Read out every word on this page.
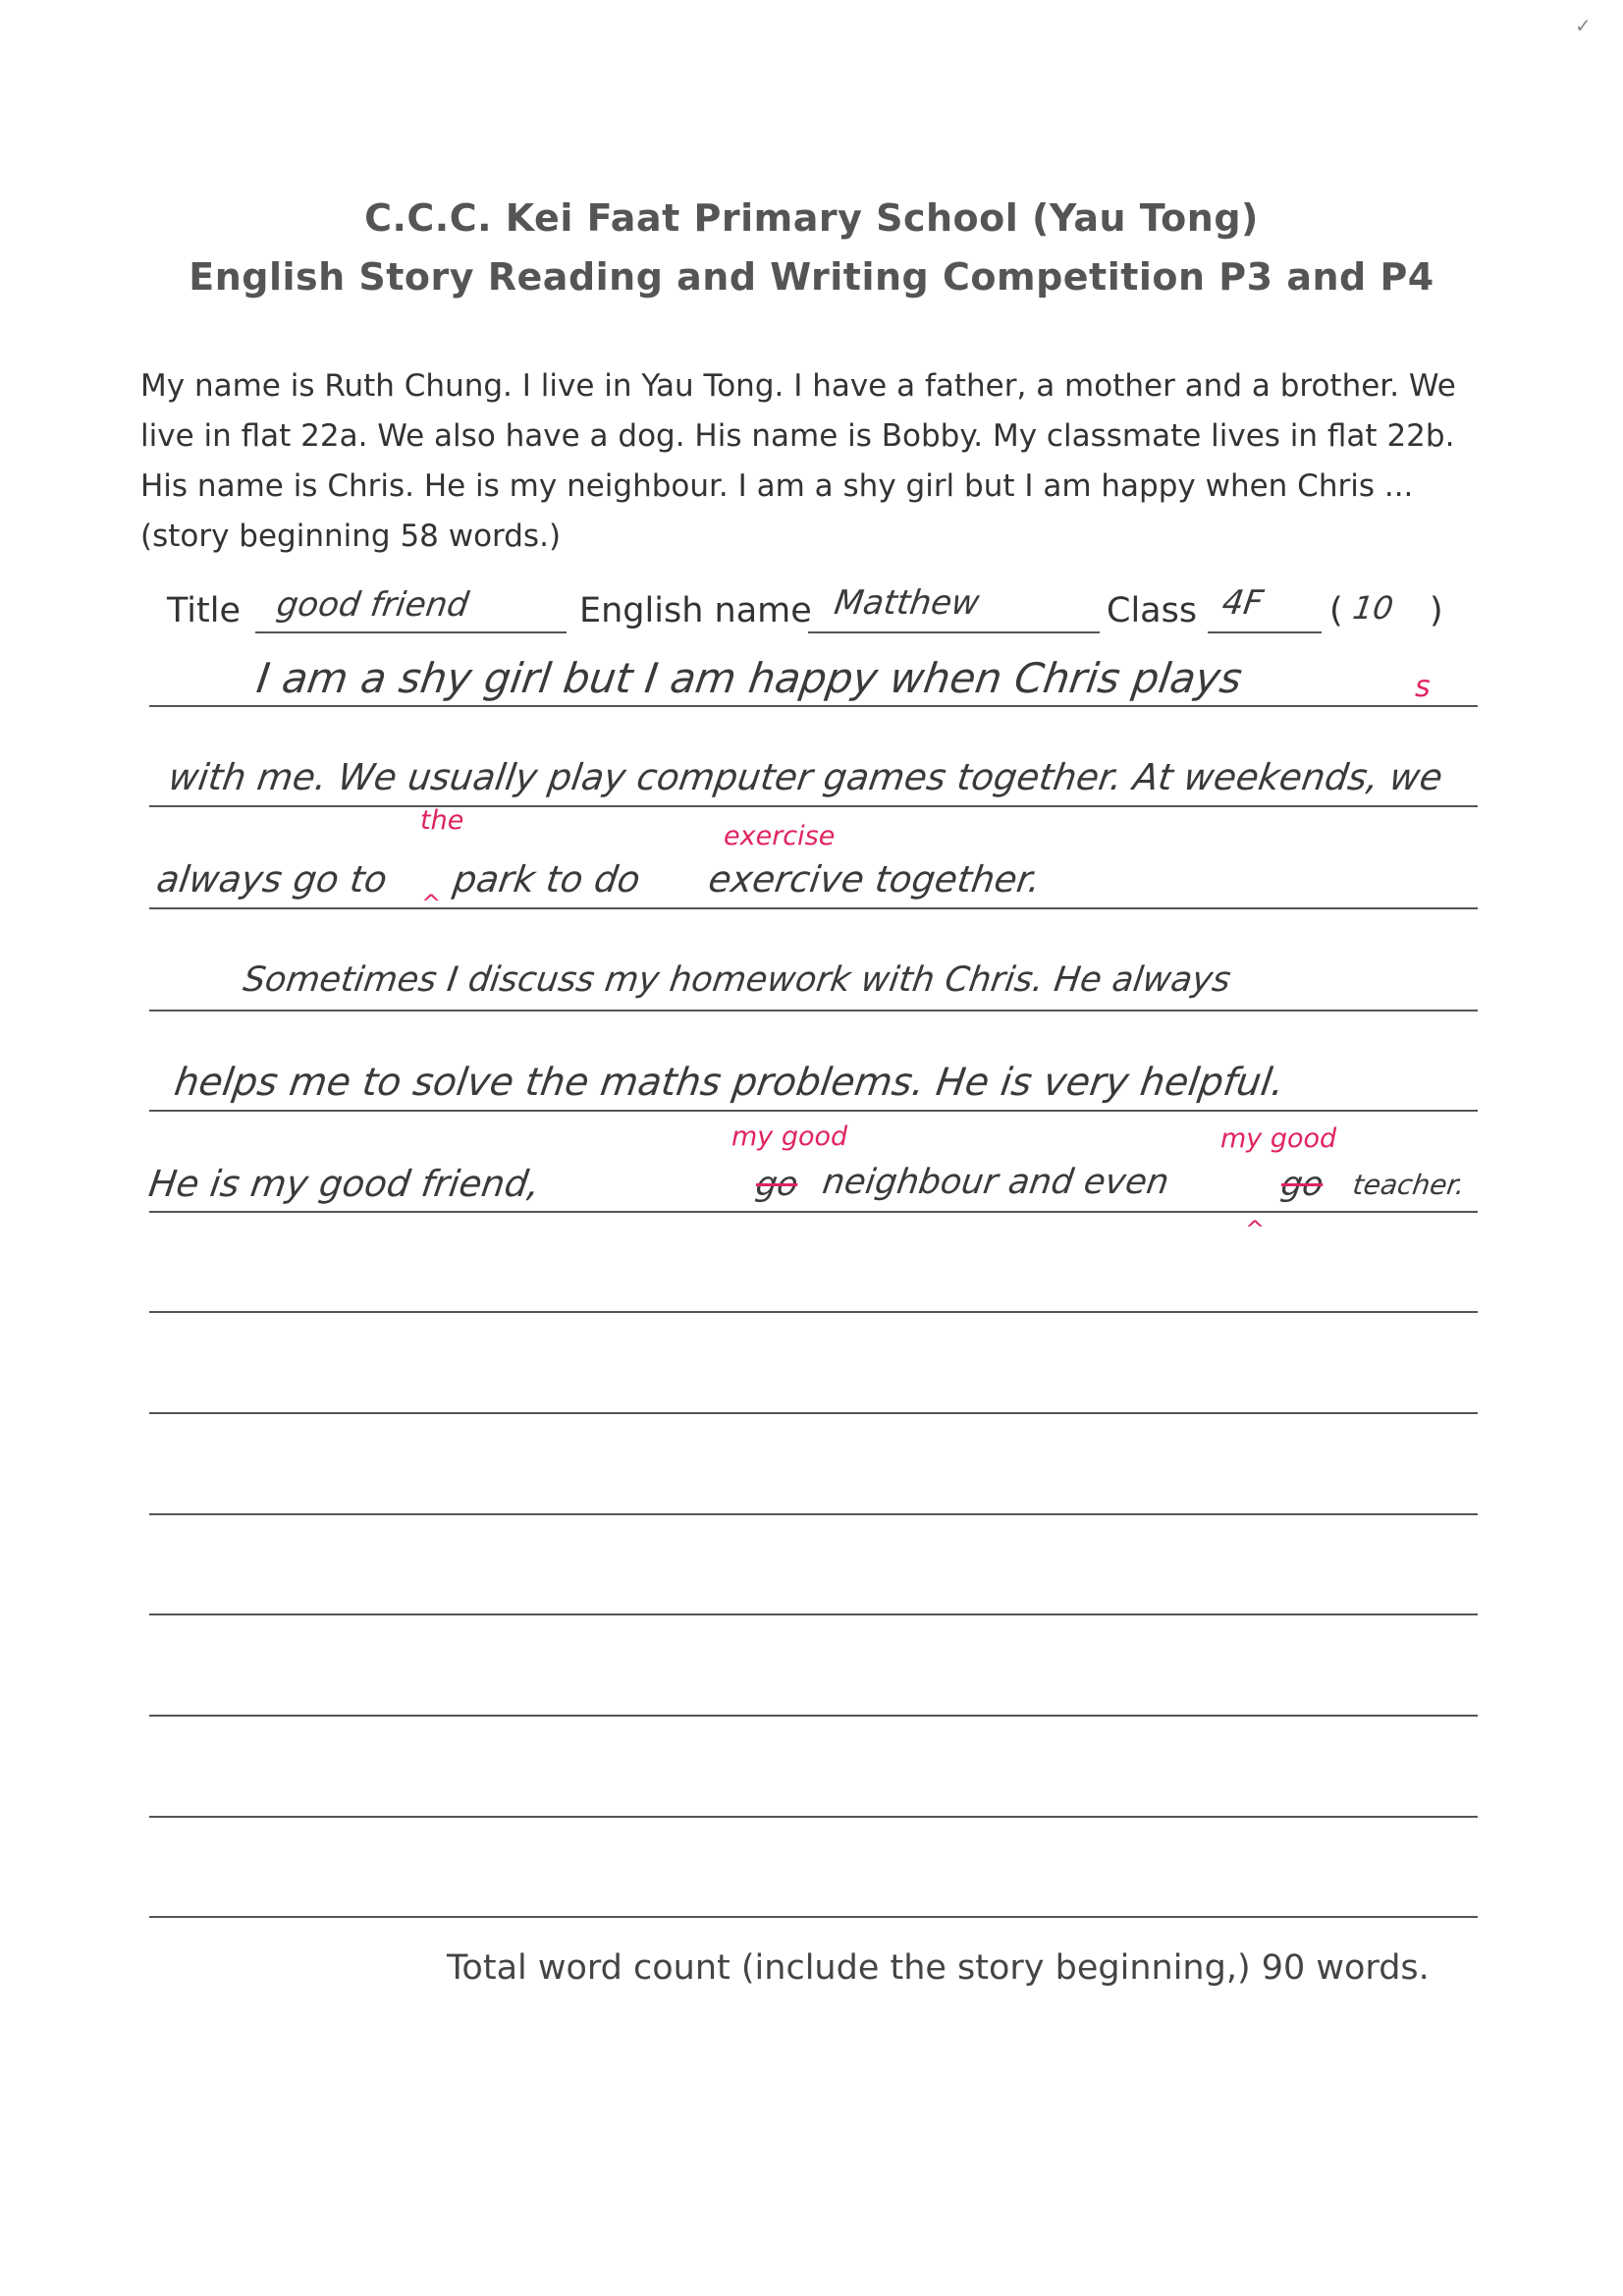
✓
C.C.C. Kei Faat Primary School (Yau Tong)
English Story Reading and Writing Competition P3 and P4
My name is Ruth Chung. I live in Yau Tong. I have a father, a mother and a brother. We live in flat 22a. We also have a dog. His name is Bobby. My classmate lives in flat 22b. His name is Chris. He is my neighbour. I am a shy girl but I am happy when Chris ... (story beginning 58 words.)
Title good friend	English name Matthew	Class 4F ( 10 )
I am a shy girl but I am happy when Chris plays	s
with me. We usually play computer games together. At weekends, we
the
exercise
always go to
^
park to do exercive together.
Sometimes I discuss my homework with Chris. He always
helps me to solve the maths problems. He is very helpful.
my good	my good
He is my good friend,	go neighbour and even
^
go teacher.
Total word count (include the story beginning,) 90 words.
